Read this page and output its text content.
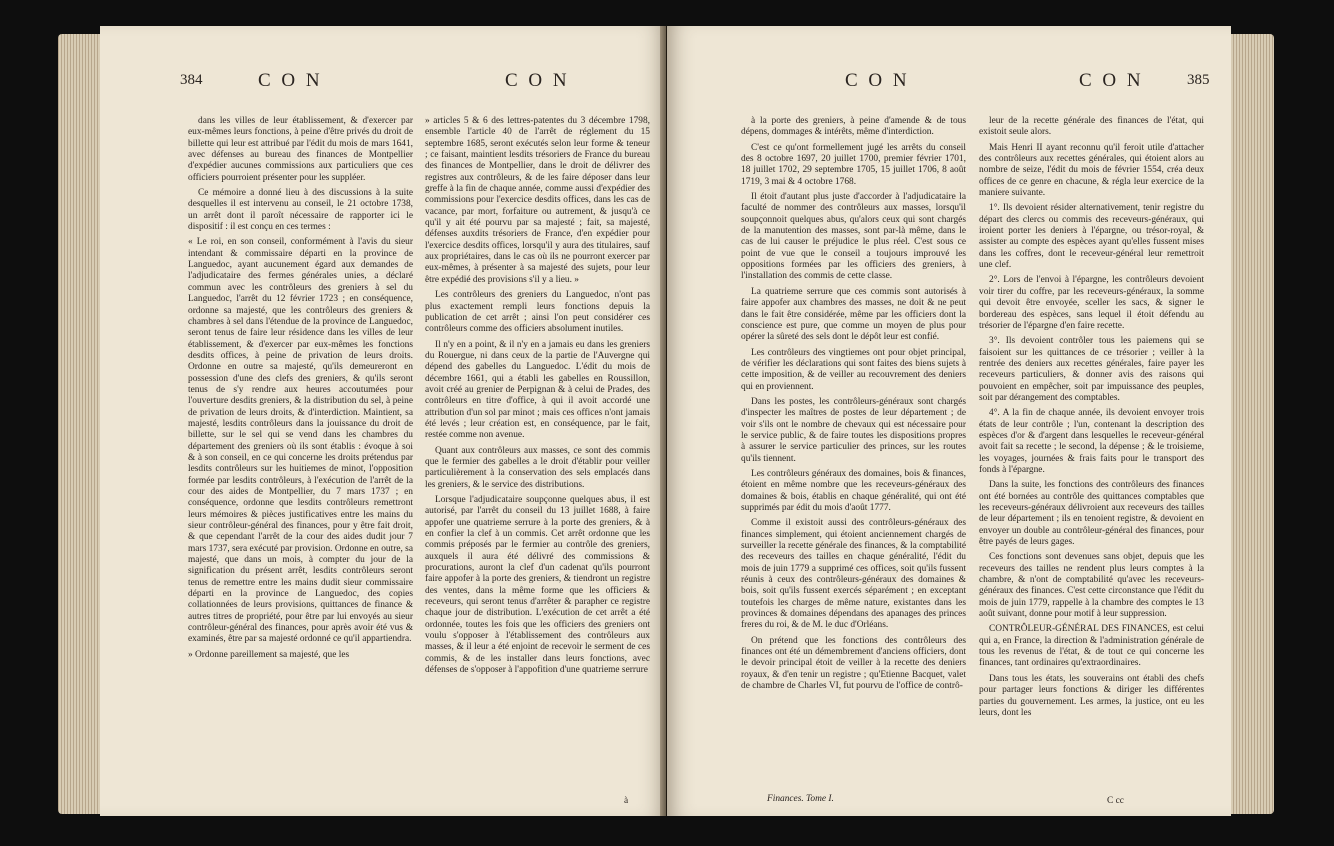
384	C O N	C O N

dans les villes de leur établissement, & d'exercer par eux-mêmes leurs fonctions, à peine d'être privés du droit de billette qui leur est attribué par l'édit du mois de mars 1641, avec défenses au bureau des finances de Montpellier d'expédier aucunes commissions aux particuliers que ces officiers pourroient présenter pour les suppléer.

Ce mémoire a donné lieu à des discussions à la suite desquelles il est intervenu au conseil, le 21 octobre 1738, un arrêt dont il paroît nécessaire de rapporter ici le dispositif : il est conçu en ces termes :

« Le roi, en son conseil, conformément à l'avis du sieur intendant & commissaire départi en la province de Languedoc, ayant aucunement égard aux demandes de l'adjudicataire des fermes générales unies, a déclaré commun avec les contrôleurs des greniers à sel du Languedoc, l'arrêt du 12 février 1723 ; en conséquence, ordonne sa majesté, que les contrôleurs des greniers & chambres à sel dans l'étendue de la province de Languedoc, seront tenus de faire leur résidence dans les villes de leur établissement, & d'exercer par eux-mêmes les fonctions desdits offices, à peine de privation de leurs droits. Ordonne en outre sa majesté, qu'ils demeureront en possession d'une des clefs des greniers, & qu'ils seront tenus de s'y rendre aux heures accoutumées pour l'ouverture desdits greniers, & la distribution du sel, à peine de privation de leurs droits, & d'interdiction. Maintient, sa majesté, lesdits contrôleurs dans la jouissance du droit de billette, sur le sel qui se vend dans les chambres du département des greniers où ils sont établis : évoque à soi & à son conseil, en ce qui concerne les droits prétendus par lesdits contrôleurs sur les huitiemes de minot, l'opposition formée par lesdits contrôleurs, à l'exécution de l'arrêt de la cour des aides de Montpellier, du 7 mars 1737 ; en conséquence, ordonne que lesdits contrôleurs remettront leurs mémoires & pièces justificatives entre les mains du sieur contrôleur-général des finances, pour y être fait droit, & que cependant l'arrêt de la cour des aides dudit jour 7 mars 1737, sera exécuté par provision. Ordonne en outre, sa majesté, que dans un mois, à compter du jour de la signification du présent arrêt, lesdits contrôleurs seront tenus de remettre entre les mains dudit sieur commissaire départi en la province de Languedoc, des copies collationnées de leurs provisions, quittances de finance & autres titres de propriété, pour être par lui envoyés au sieur contrôleur-général des finances, pour après avoir été vus & examinés, être par sa majesté ordonné ce qu'il appartiendra.

» Ordonne pareillement sa majesté, que les

» articles 5 & 6 des lettres-patentes du 3 décembre 1798, ensemble l'article 40 de l'arrêt de réglement du 15 septembre 1685, seront exécutés selon leur forme & teneur ; ce faisant, maintient lesdits trésoriers de France du bureau des finances de Montpellier, dans le droit de délivrer des registres aux contrôleurs, & de les faire déposer dans leur greffe à la fin de chaque année, comme aussi d'expédier des commissions pour l'exercice desdits offices, dans les cas de vacance, par mort, forfaiture ou autrement, & jusqu'à ce qu'il y ait été pourvu par sa majesté ; fait, sa majesté, défenses auxdits trésoriers de France, d'en expédier pour l'exercice desdits offices, lorsqu'il y aura des titulaires, sauf aux propriétaires, dans le cas où ils ne pourront exercer par eux-mêmes, à présenter à sa majesté des sujets, pour leur être expédié des provisions s'il y a lieu. »

Les contrôleurs des greniers du Languedoc, n'ont pas plus exactement rempli leurs fonctions depuis la publication de cet arrêt ; ainsi l'on peut considérer ces contrôleurs comme des officiers absolument inutiles.

Il n'y en a point, & il n'y en a jamais eu dans les greniers du Rouergue, ni dans ceux de la partie de l'Auvergne qui dépend des gabelles du Languedoc. L'édit du mois de décembre 1661, qui a établi les gabelles en Roussillon, avoit créé au grenier de Perpignan & à celui de Prades, des contrôleurs en titre d'office, à qui il avoit accordé une attribution d'un sol par minot ; mais ces offices n'ont jamais été levés ; leur création est, en conséquence, par le fait, restée comme non avenue.

Quant aux contrôleurs aux masses, ce sont des commis que le fermier des gabelles a le droit d'établir pour veiller particulièrement à la conservation des sels emplacés dans les greniers, & le service des distributions.

Lorsque l'adjudicataire soupçonne quelques abus, il est autorisé, par l'arrêt du conseil du 13 juillet 1688, à faire appofer une quatrieme serrure à la porte des greniers, & à en confier la clef à un commis. Cet arrêt ordonne que les commis préposés par le fermier au contrôle des greniers, auxquels il aura été délivré des commissions & procurations, auront la clef d'un cadenat qu'ils pourront faire appofer à la porte des greniers, & tiendront un registre des ventes, dans la même forme que les officiers & receveurs, qui seront tenus d'arrêter & parapher ce registre chaque jour de distribution. L'exécution de cet arrêt a été ordonnée, toutes les fois que les officiers des greniers ont voulu s'opposer à l'établissement des contrôleurs aux masses, & il leur a été enjoint de recevoir le serment de ces commis, & de les installer dans leurs fonctions, avec défenses de s'opposer à l'appofition d'une quatrieme serrure

à
C O N	C O N	385

à la porte des greniers, à peine d'amende & de tous dépens, dommages & intérêts, même d'interdiction.

C'est ce qu'ont formellement jugé les arrêts du conseil des 8 octobre 1697, 20 juillet 1700, premier février 1701, 18 juillet 1702, 29 septembre 1705, 15 juillet 1706, 8 août 1719, 3 mai & 4 octobre 1768.

Il étoit d'autant plus juste d'accorder à l'adjudicataire la faculté de nommer des contrôleurs aux masses, lorsqu'il soupçonnoit quelques abus, qu'alors ceux qui sont chargés de la manutention des masses, sont par-là même, dans le cas de lui causer le préjudice le plus réel. C'est sous ce point de vue que le conseil a toujours improuvé les oppositions formées par les officiers des greniers, à l'installation des commis de cette classe.

La quatrieme serrure que ces commis sont autorisés à faire appofer aux chambres des masses, ne doit & ne peut dans le fait être considérée, même par les officiers dont la conscience est pure, que comme un moyen de plus pour opérer la sûreté des sels dont le dépôt leur est confié.

Les contrôleurs des vingtiemes ont pour objet principal, de vérifier les déclarations qui sont faites des biens sujets à cette imposition, & de veiller au recouvrement des deniers qui en proviennent.

Dans les postes, les contrôleurs-généraux sont chargés d'inspecter les maîtres de postes de leur département ; de voir s'ils ont le nombre de chevaux qui est nécessaire pour le service public, & de faire toutes les dispositions propres à assurer le service particulier des princes, sur les routes qu'ils tiennent.

Les contrôleurs généraux des domaines, bois & finances, étoient en même nombre que les receveurs-généraux des domaines & bois, établis en chaque généralité, qui ont été supprimés par édit du mois d'août 1777.

Comme il existoit aussi des contrôleurs-généraux des finances simplement, qui étoient anciennement chargés de surveiller la recette générale des finances, & la comptabilité des receveurs des tailles en chaque généralité, l'édit du mois de juin 1779 a supprimé ces offices, soit qu'ils fussent réunis à ceux des contrôleurs-généraux des domaines & bois, soit qu'ils fussent exercés séparément ; en exceptant toutefois les charges de même nature, existantes dans les provinces & domaines dépendans des apanages des princes freres du roi, & de M. le duc d'Orléans.

On prétend que les fonctions des contrôleurs des finances ont été un démembrement d'anciens officiers, dont le devoir principal étoit de veiller à la recette des deniers royaux, & d'en tenir un registre ; qu'Etienne Bacquet, valet de chambre de Charles VI, fut pourvu de l'office de contrô-

leur de la recette générale des finances de l'état, qui existoit seule alors.

Mais Henri II ayant reconnu qu'il feroit utile d'attacher des contrôleurs aux recettes générales, qui étoient alors au nombre de seize, l'édit du mois de février 1554, créa deux offices de ce genre en chacune, & régla leur exercice de la maniere suivante.

1°. Ils devoient résider alternativement, tenir registre du départ des clercs ou commis des receveurs-généraux, qui iroient porter les deniers à l'épargne, ou trésor-royal, & assister au compte des espèces ayant qu'elles fussent mises dans les coffres, dont le receveur-général leur remettroit une clef.

2°. Lors de l'envoi à l'épargne, les contrôleurs devoient voir tirer du coffre, par les receveurs-généraux, la somme qui devoit être envoyée, sceller les sacs, & signer le bordereau des espèces, sans lequel il étoit défendu au trésorier de l'épargne d'en faire recette.

3°. Ils devoient contrôler tous les paiemens qui se faisoient sur les quittances de ce trésorier ; veiller à la rentrée des deniers aux recettes générales, faire payer les receveurs particuliers, & donner avis des raisons qui pouvoient en empêcher, soit par impuissance des peuples, soit par dérangement des comptables.

4°. A la fin de chaque année, ils devoient envoyer trois états de leur contrôle ; l'un, contenant la description des espèces d'or & d'argent dans lesquelles le receveur-général avoit fait sa recette ; le second, la dépense ; & le troisieme, les voyages, journées & frais faits pour le transport des fonds à l'épargne.

Dans la suite, les fonctions des contrôleurs des finances ont été bornées au contrôle des quittances comptables que les receveurs-généraux délivroient aux receveurs des tailles de leur département ; ils en tenoient registre, & devoient en envoyer un double au contrôleur-général des finances, pour être payés de leurs gages.

Ces fonctions sont devenues sans objet, depuis que les receveurs des tailles ne rendent plus leurs comptes à la chambre, & n'ont de comptabilité qu'avec les receveurs-généraux des finances. C'est cette circonstance que l'édit du mois de juin 1779, rappelle à la chambre des comptes le 13 août suivant, donne pour motif à leur suppression.

CONTRÔLEUR-GÉNÉRAL DES FINANCES, est celui qui a, en France, la direction & l'administration générale de tous les revenus de l'état, & de tout ce qui concerne les finances, tant ordinaires qu'extraordinaires.

Dans tous les états, les souverains ont établi des chefs pour partager leurs fonctions & diriger les différentes parties du gouvernement. Les armes, la justice, ont eu les leurs, dont les

Finances. Tome I.	C cc
